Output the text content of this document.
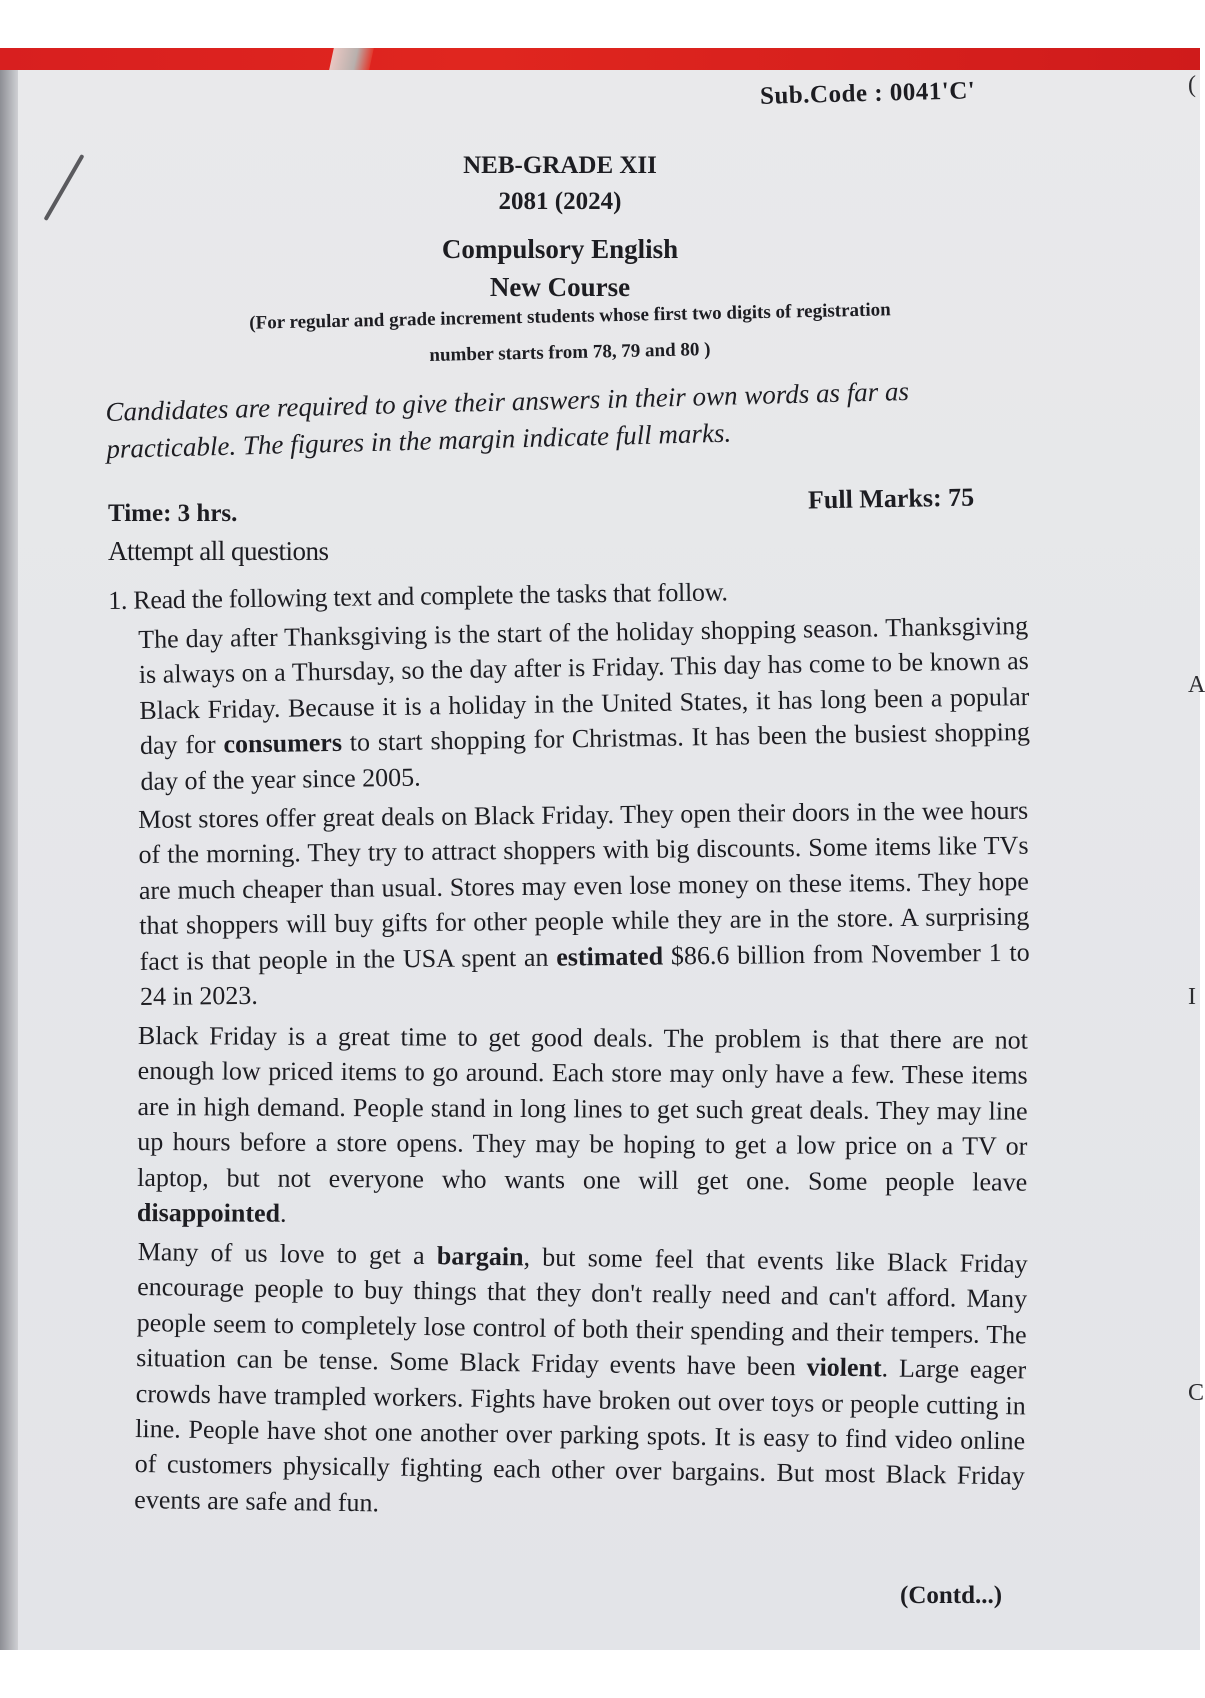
(
A
I
C
Sub.Code : 0041'C'
NEB-GRADE XII
2081 (2024)
Compulsory English
New Course
(For regular and grade increment students whose first two digits of registration
number starts from 78, 79 and 80 )
Candidates are required to give their answers in their own words as far as practicable. The figures in the margin indicate full marks.
Time: 3 hrs.	Full Marks: 75
Attempt all questions
1. Read the following text and complete the tasks that follow.
The day after Thanksgiving is the start of the holiday shopping season. Thanksgiving is always on a Thursday, so the day after is Friday. This day has come to be known as Black Friday. Because it is a holiday in the United States, it has long been a popular day for consumers to start shopping for Christmas. It has been the busiest shopping day of the year since 2005.
Most stores offer great deals on Black Friday. They open their doors in the wee hours of the morning. They try to attract shoppers with big discounts. Some items like TVs are much cheaper than usual. Stores may even lose money on these items. They hope that shoppers will buy gifts for other people while they are in the store. A surprising fact is that people in the USA spent an estimated $86.6 billion from November 1 to 24 in 2023.
Black Friday is a great time to get good deals. The problem is that there are not enough low priced items to go around. Each store may only have a few. These items are in high demand. People stand in long lines to get such great deals. They may line up hours before a store opens. They may be hoping to get a low price on a TV or laptop, but not everyone who wants one will get one. Some people leave disappointed.
Many of us love to get a bargain, but some feel that events like Black Friday encourage people to buy things that they don't really need and can't afford. Many people seem to completely lose control of both their spending and their tempers. The situation can be tense. Some Black Friday events have been violent. Large eager crowds have trampled workers. Fights have broken out over toys or people cutting in line. People have shot one another over parking spots. It is easy to find video online of customers physically fighting each other over bargains. But most Black Friday events are safe and fun.
(Contd...)
